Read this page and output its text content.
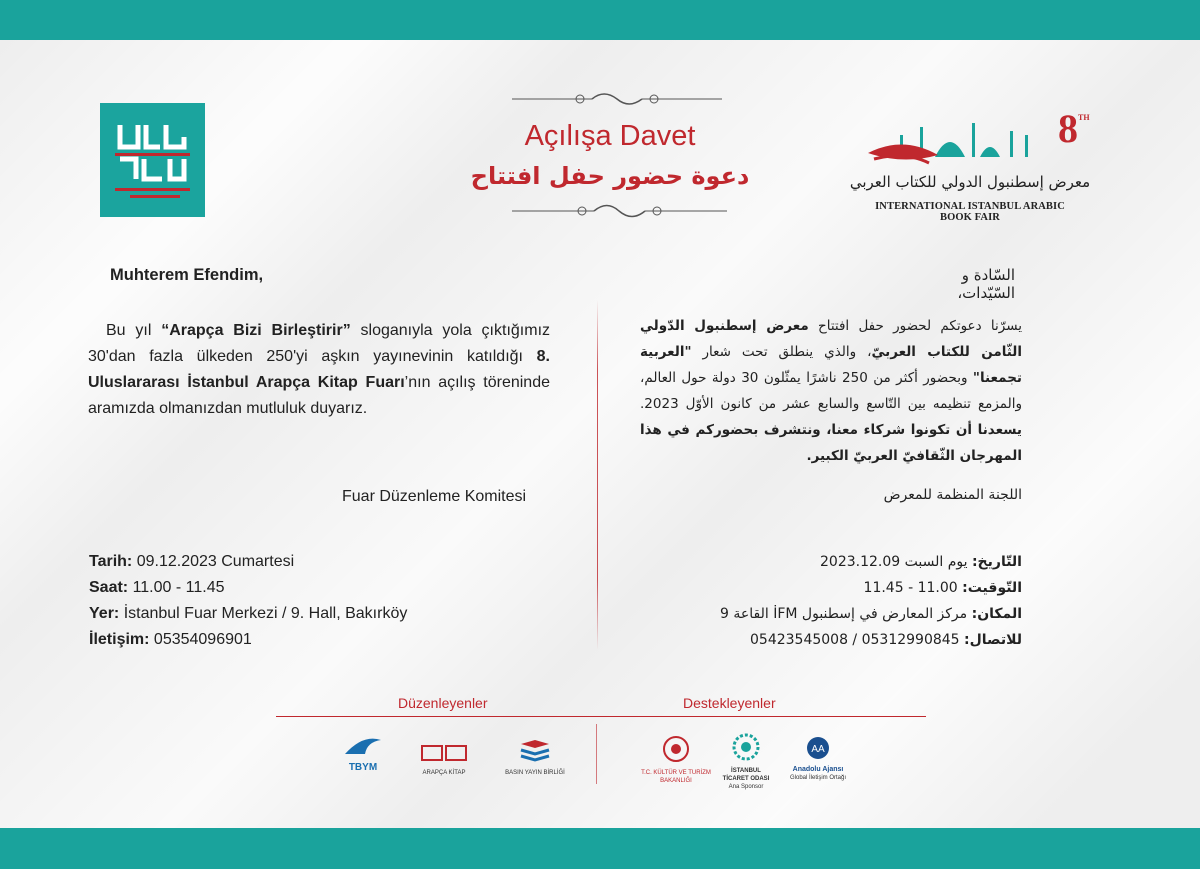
Açılışa Davet
دعوة حضور حفل افتتاح	معرض إسطنبول الدولي للكتاب العربي
8TH
INTERNATIONAL ISTANBUL ARABIC BOOK FAIR
Muhterem Efendim,
Bu yıl “Arapça Bizi Birleştirir” sloganıyla yola çıktığımız 30'dan fazla ülkeden 250'yi aşkın yayınevinin katıldığı 8. Uluslararası İstanbul Arapça Kitap Fuarı’nın açılış töreninde aramızda olmanızdan mutluluk duyarız.
Fuar Düzenleme Komitesi
Tarih: 09.12.2023 Cumartesi
Saat: 11.00 - 11.45
Yer: İstanbul Fuar Merkezi / 9. Hall, Bakırköy
İletişim: 05354096901
السّادة و السّيّدات،
يسرّنا دعوتكم لحضور حفل افتتاح معرض إسطنبول الدّولي الثّامن للكتاب العربيّ، والذي ينطلق تحت شعار "العربية تجمعنا" وبحضور أكثر من 250 ناشرًا يمثّلون 30 دولة حول العالم، والمزمع تنظيمه بين التّاسع والسابع عشر من كانون الأوّل 2023. يسعدنا أن تكونوا شركاء معنا، ونتشرف بحضوركم في هذا المهرجان الثّقافيّ العربيّ الكبير.
اللجنة المنظمة للمعرض
التّاريخ: يوم السبت 2023.12.09
التّوقيت: 11.00 - 11.45
المكان: مركز المعارض في إسطنبول İFM القاعة 9
للاتصال: 05312990845 / 05423545008
Düzenleyenler	Destekleyenler
TBYM	ARAPÇA KİTAP	BASIN YAYIN BİRLİĞİ	T.C. KÜLTÜR VE TURİZM
BAKANLIĞI
İSTANBUL
TİCARET ODASI
Ana Sponsor
AA
Anadolu Ajansı
Global İletişim Ortağı
